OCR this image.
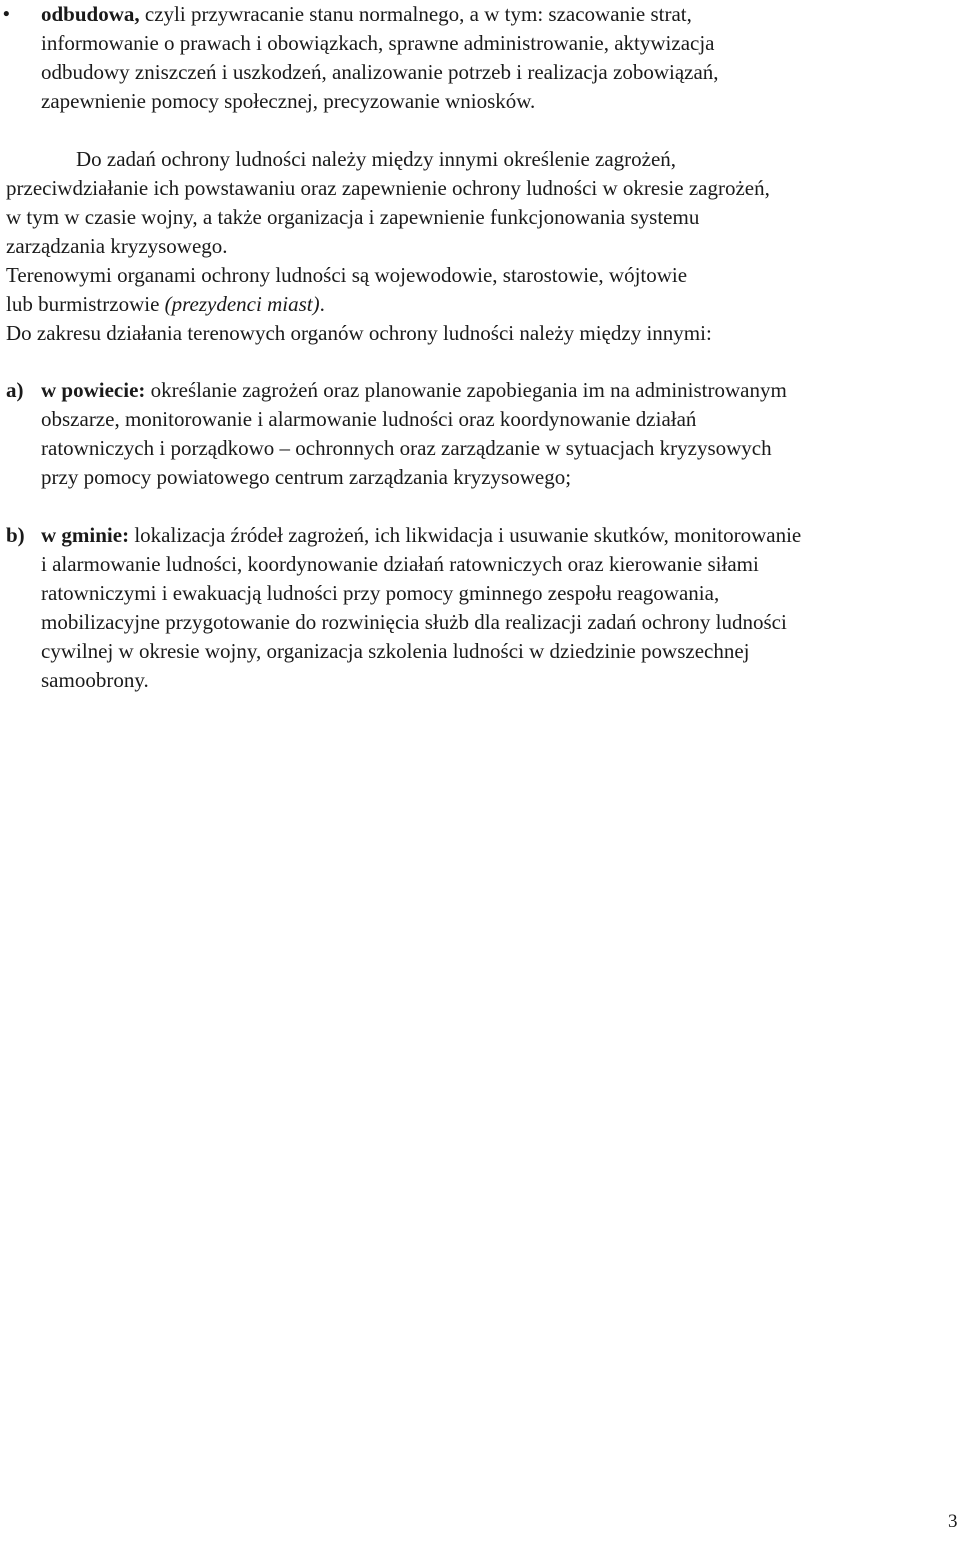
• odbudowa, czyli przywracanie stanu normalnego, a w tym: szacowanie strat,
informowanie o prawach i obowiązkach, sprawne administrowanie, aktywizacja
odbudowy zniszczeń i uszkodzeń, analizowanie potrzeb i realizacja zobowiązań,
zapewnienie pomocy społecznej, precyzowanie wniosków.
Do zadań ochrony ludności należy między innymi określenie zagrożeń,
przeciwdziałanie ich powstawaniu oraz zapewnienie ochrony ludności w okresie zagrożeń,
w tym w czasie wojny, a także organizacja i zapewnienie funkcjonowania systemu
zarządzania kryzysowego.
Terenowymi organami ochrony ludności są wojewodowie, starostowie, wójtowie
lub burmistrzowie (prezydenci miast).
Do zakresu działania terenowych organów ochrony ludności należy między innymi:
a) w powiecie: określanie zagrożeń oraz planowanie zapobiegania im na administrowanym
obszarze, monitorowanie i alarmowanie ludności oraz koordynowanie działań
ratowniczych i porządkowo – ochronnych oraz zarządzanie w sytuacjach kryzysowych
przy pomocy powiatowego centrum zarządzania kryzysowego;
b) w gminie: lokalizacja źródeł zagrożeń, ich likwidacja i usuwanie skutków, monitorowanie
i alarmowanie ludności, koordynowanie działań ratowniczych oraz kierowanie siłami
ratowniczymi i ewakuacją ludności przy pomocy gminnego zespołu reagowania,
mobilizacyjne przygotowanie do rozwinięcia służb dla realizacji zadań ochrony ludności
cywilnej w okresie wojny, organizacja szkolenia ludności w dziedzinie powszechnej
samoobrony.
3
